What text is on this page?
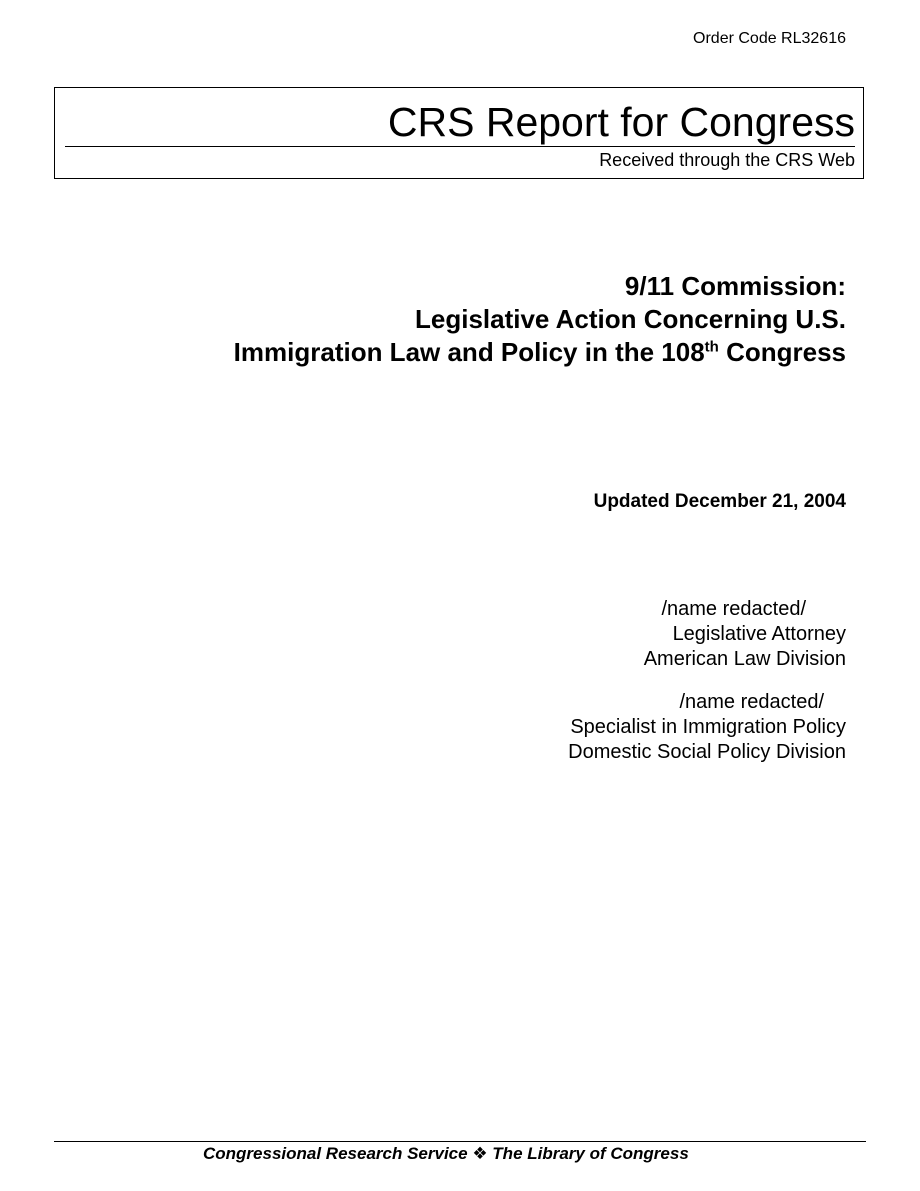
Order Code RL32616
CRS Report for Congress
Received through the CRS Web
9/11 Commission:
Legislative Action Concerning U.S.
Immigration Law and Policy in the 108th Congress
Updated December 21, 2004
/name redacted/
Legislative Attorney
American Law Division
/name redacted/
Specialist in Immigration Policy
Domestic Social Policy Division
Congressional Research Service ❖ The Library of Congress
